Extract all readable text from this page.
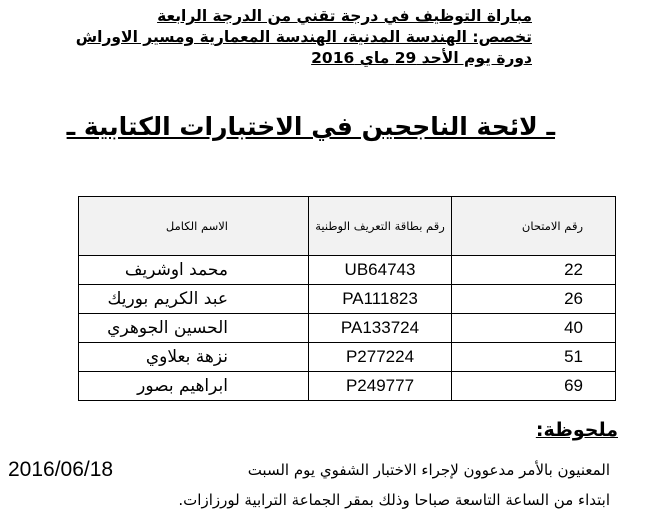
مباراة التوظيف في درجة تقني من الدرجة الرابعة
تخصص: الهندسة المدنية، الهندسة المعمارية ومسير الاوراش
دورة يوم الأحد 29 ماي 2016
ـ لائحة الناجحين في الاختبارات الكتابية ـ
رقم الامتحان	رقم بطاقة التعريف الوطنية	الاسم الكامل
22	UB64743	محمد اوشريف
26	PA111823	عبد الكريم بوريك
40	PA133724	الحسين الجوهري
51	P277224	نزهة بعلاوي
69	P249777	ابراهيم بصور
ملحوظة:
المعنيون بالأمر مدعوون لإجراء الاختبار الشفوي يوم السبت
2016/06/18
ابتداء من الساعة التاسعة صباحا وذلك بمقر الجماعة الترابية لورزازات.
